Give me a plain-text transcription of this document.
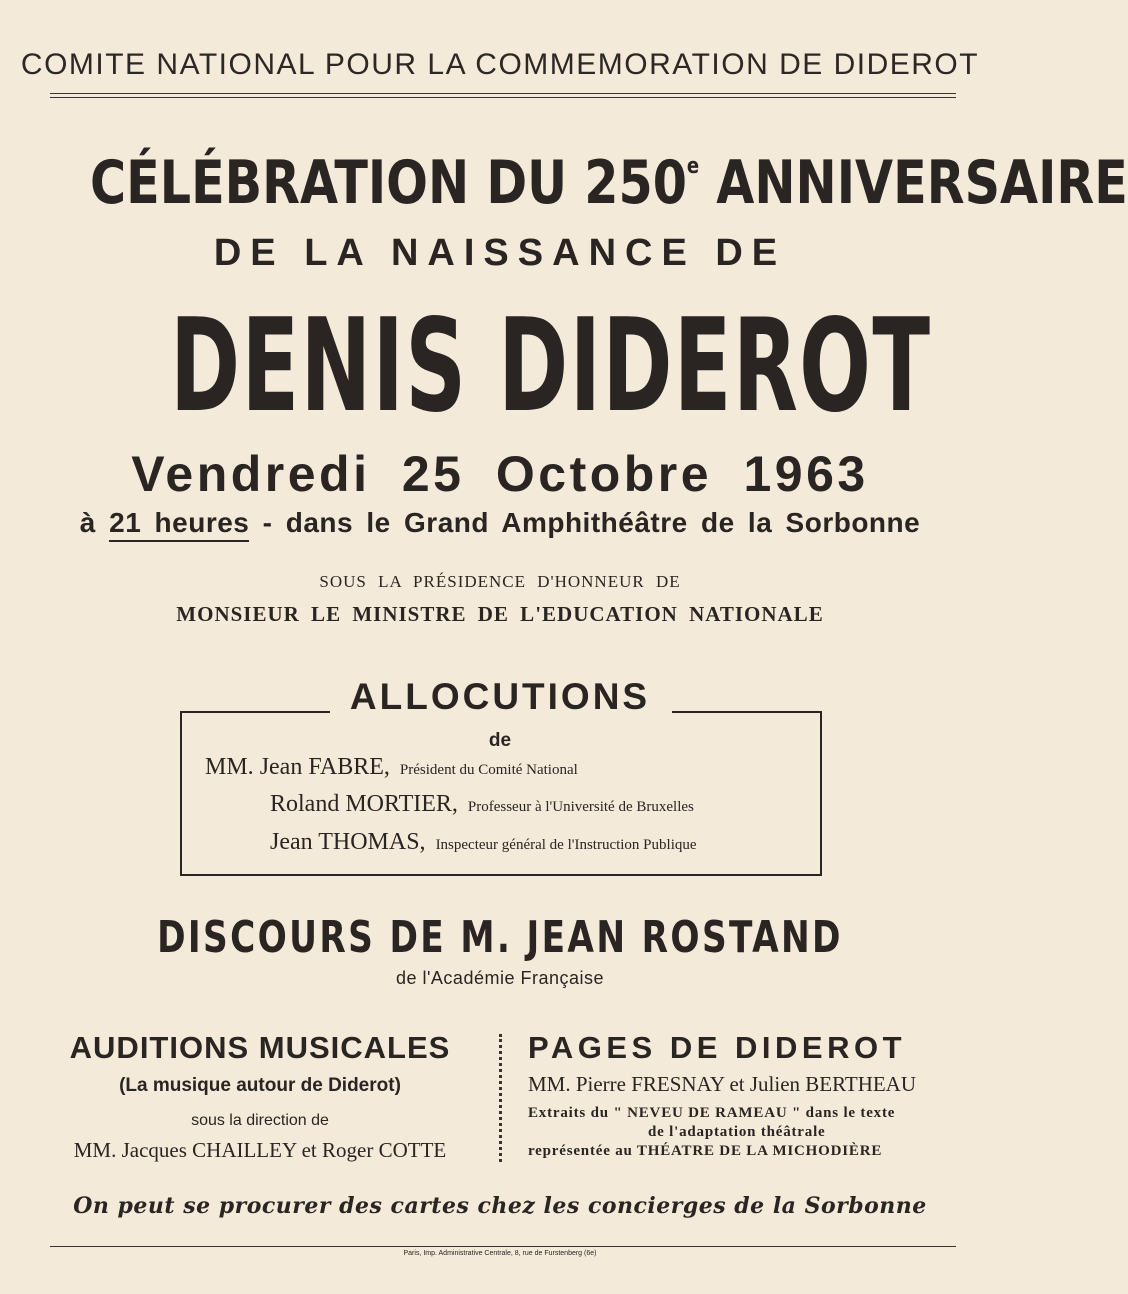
COMITE NATIONAL POUR LA COMMEMORATION DE DIDEROT
CÉLÉBRATION DU 250e ANNIVERSAIRE
DE LA NAISSANCE DE
DENIS DIDEROT
Vendredi 25 Octobre 1963
à 21 heures - dans le Grand Amphithéâtre de la Sorbonne
SOUS LA PRÉSIDENCE D'HONNEUR DE
MONSIEUR LE MINISTRE DE L'EDUCATION NATIONALE
ALLOCUTIONS
de
MM. Jean FABRE, Président du Comité National
Roland MORTIER, Professeur à l'Université de Bruxelles
Jean THOMAS, Inspecteur général de l'Instruction Publique
DISCOURS DE M. JEAN ROSTAND
de l'Académie Française
AUDITIONS MUSICALES
(La musique autour de Diderot)
sous la direction de
MM. Jacques CHAILLEY et Roger COTTE
PAGES DE DIDEROT
MM. Pierre FRESNAY et Julien BERTHEAU
Extraits du " NEVEU DE RAMEAU " dans le texte
de l'adaptation théâtrale
représentée au THÉATRE DE LA MICHODIÈRE
On peut se procurer des cartes chez les concierges de la Sorbonne
Paris, Imp. Administrative Centrale, 8, rue de Furstenberg (6e)
